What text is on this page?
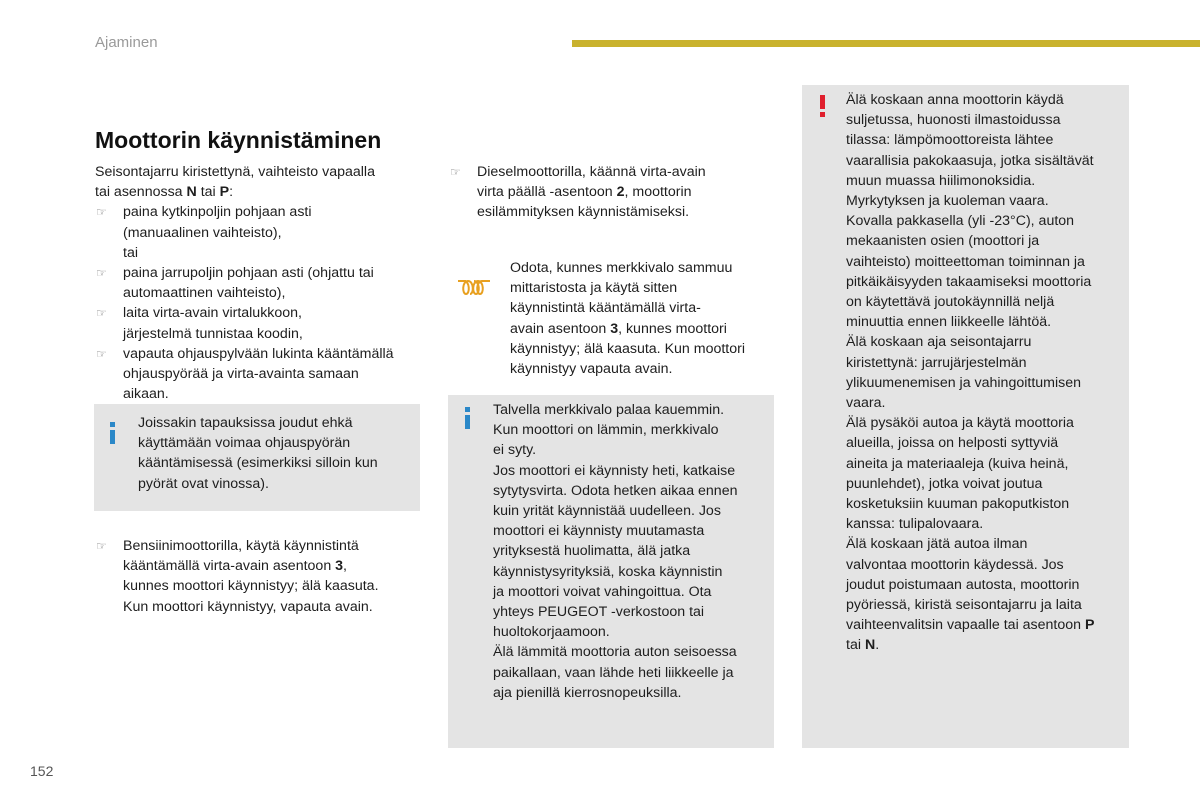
Ajaminen
Moottorin käynnistäminen

Seisontajarru kiristettynä, vaihteisto vapaalla
tai asennossa N tai P:

☞ paina kytkinpoljin pohjaan asti
(manuaalinen vaihteisto),
tai
☞ paina jarrupoljin pohjaan asti (ohjattu tai
automaattinen vaihteisto),
☞ laita virta-avain virtalukkoon,
järjestelmä tunnistaa koodin,
☞ vapauta ohjauspylvään lukinta kääntämällä
ohjauspyörää ja virta-avainta samaan
aikaan.
Joissakin tapauksissa joudut ehkä
käyttämään voimaa ohjauspyörän
kääntämisessä (esimerkiksi silloin kun
pyörät ovat vinossa).
☞ Bensiinimoottorilla, käytä käynnistintä
kääntämällä virta-avain asentoon 3,
kunnes moottori käynnistyy; älä kaasuta.
Kun moottori käynnistyy, vapauta avain.
☞ Dieselmoottorilla, käännä virta-avain
virta päällä -asentoon 2, moottorin
esilämmityksen käynnistämiseksi.
Odota, kunnes merkkivalo sammuu
mittaristosta ja käytä sitten
käynnistintä kääntämällä virta-
avain asentoon 3, kunnes moottori
käynnistyy; älä kaasuta. Kun moottori
käynnistyy vapauta avain.
Talvella merkkivalo palaa kauemmin.
Kun moottori on lämmin, merkkivalo
ei syty.
Jos moottori ei käynnisty heti, katkaise
sytytysvirta. Odota hetken aikaa ennen
kuin yrität käynnistää uudelleen. Jos
moottori ei käynnisty muutamasta
yrityksestä huolimatta, älä jatka
käynnistysyrityksiä, koska käynnistin
ja moottori voivat vahingoittua. Ota
yhteys PEUGEOT -verkostoon tai
huoltokorjaamoon.
Älä lämmitä moottoria auton seisoessa
paikallaan, vaan lähde heti liikkeelle ja
aja pienillä kierrosnopeuksilla.
Älä koskaan anna moottorin käydä
suljetussa, huonosti ilmastoidussa
tilassa: lämpömoottoreista lähtee
vaarallisia pakokaasuja, jotka sisältävät
muun muassa hiilimonoksidia.
Myrkytyksen ja kuoleman vaara.
Kovalla pakkasella (yli -23°C), auton
mekaanisten osien (moottori ja
vaihteisto) moitteettoman toiminnan ja
pitkäikäisyyden takaamiseksi moottoria
on käytettävä joutokäynnillä neljä
minuuttia ennen liikkeelle lähtöä.
Älä koskaan aja seisontajarru
kiristettynä: jarrujärjestelmän
ylikuumenemisen ja vahingoittumisen
vaara.
Älä pysäköi autoa ja käytä moottoria
alueilla, joissa on helposti syttyviä
aineita ja materiaaleja (kuiva heinä,
puunlehdet), jotka voivat joutua
kosketuksiin kuuman pakoputkiston
kanssa: tulipalovaara.
Älä koskaan jätä autoa ilman
valvontaa moottorin käydessä. Jos
joudut poistumaan autosta, moottorin
pyöriessä, kiristä seisontajarru ja laita
vaihteenvalitsin vapaalle tai asentoon P
tai N.
152
